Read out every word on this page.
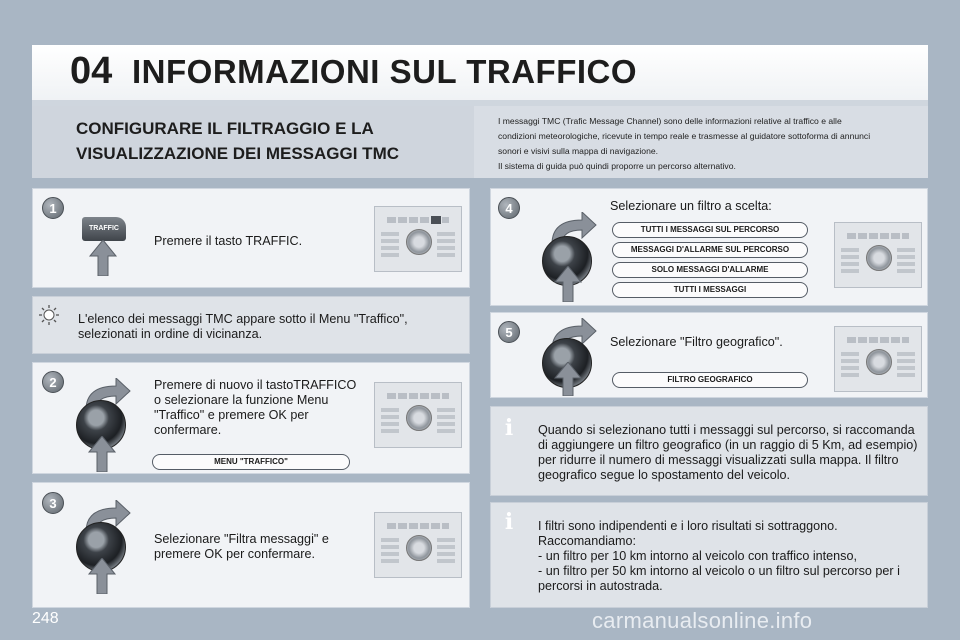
04 INFORMAZIONI SUL TRAFFICO
CONFIGURARE IL FILTRAGGIO E LA VISUALIZZAZIONE DEI MESSAGGI TMC
I messaggi TMC (Trafic Message Channel) sono delle informazioni relative al traffico e alle
condizioni meteorologiche, ricevute in tempo reale e trasmesse al guidatore sottoforma di annunci
sonori e visivi sulla mappa di navigazione.
Il sistema di guida può quindi proporre un percorso alternativo.
1
TRAFFIC
Premere il tasto TRAFFIC.
L'elenco dei messaggi TMC appare sotto il Menu "Traffico",
selezionati in ordine di vicinanza.
2	Premere di nuovo il tastoTRAFFICO
o selezionare la funzione Menu
"Traffico" e premere OK per
confermare.
MENU "TRAFFICO"
3
Selezionare "Filtra messaggi" e
premere OK per confermare.
4	Selezionare un filtro a scelta:
TUTTI I MESSAGGI SUL PERCORSO
MESSAGGI D'ALLARME SUL PERCORSO
SOLO MESSAGGI D'ALLARME
TUTTI I MESSAGGI
5
Selezionare "Filtro geografico".
FILTRO GEOGRAFICO
i	Quando si selezionano tutti i messaggi sul percorso, si raccomanda
di aggiungere un filtro geografico (in un raggio di 5 Km, ad esempio)
per ridurre il numero di messaggi visualizzati sulla mappa. Il filtro
geografico segue lo spostamento del veicolo.
i	I filtri sono indipendenti e i loro risultati si sottraggono.
Raccomandiamo:
- un filtro per 10 km intorno al veicolo con traffico intenso,
- un filtro per 50 km intorno al veicolo o un filtro sul percorso per i
percorsi in autostrada.
248	carmanualsonline.info
